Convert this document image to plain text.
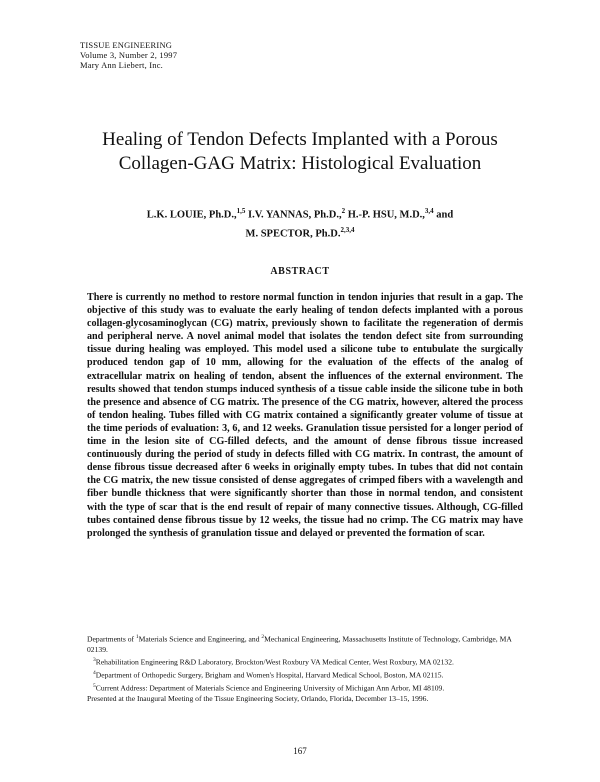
TISSUE ENGINEERING
Volume 3, Number 2, 1997
Mary Ann Liebert, Inc.
Healing of Tendon Defects Implanted with a Porous
Collagen-GAG Matrix: Histological Evaluation
L.K. LOUIE, Ph.D.,$^{1,5}$ I.V. YANNAS, Ph.D.,$^2$ H.-P. HSU, M.D.,$^{3,4}$ and
M. SPECTOR, Ph.D.$^{2,3,4}$
ABSTRACT
There is currently no method to restore normal function in tendon injuries that result in a gap. The objective of this study was to evaluate the early healing of tendon defects implanted with a porous collagen-glycosaminoglycan (CG) matrix, previously shown to facilitate the regeneration of dermis and peripheral nerve. A novel animal model that isolates the tendon defect site from surrounding tissue during healing was employed. This model used a silicone tube to entubulate the surgically produced tendon gap of 10 mm, allowing for the evaluation of the effects of the analog of extracellular matrix on healing of tendon, absent the influences of the external environment. The results showed that tendon stumps induced synthesis of a tissue cable inside the silicone tube in both the presence and absence of CG matrix. The presence of the CG matrix, however, altered the process of tendon healing. Tubes filled with CG matrix contained a significantly greater volume of tissue at the time periods of evaluation: 3, 6, and 12 weeks. Granulation tissue persisted for a longer period of time in the lesion site of CG-filled defects, and the amount of dense fibrous tissue increased continuously during the period of study in defects filled with CG matrix. In contrast, the amount of dense fibrous tissue decreased after 6 weeks in originally empty tubes. In tubes that did not contain the CG matrix, the new tissue consisted of dense aggregates of crimped fibers with a wavelength and fiber bundle thickness that were significantly shorter than those in normal tendon, and consistent with the type of scar that is the end result of repair of many connective tissues. Although, CG-filled tubes contained dense fibrous tissue by 12 weeks, the tissue had no crimp. The CG matrix may have prolonged the synthesis of granulation tissue and delayed or prevented the formation of scar.
Departments of $^1$Materials Science and Engineering, and $^2$Mechanical Engineering, Massachusetts Institute of Technology, Cambridge, MA 02139.
$^3$Rehabilitation Engineering R&D Laboratory, Brockton/West Roxbury VA Medical Center, West Roxbury, MA 02132.
$^4$Department of Orthopedic Surgery, Brigham and Women's Hospital, Harvard Medical School, Boston, MA 02115.
$^5$Current Address: Department of Materials Science and Engineering University of Michigan Ann Arbor, MI 48109.
Presented at the Inaugural Meeting of the Tissue Engineering Society, Orlando, Florida, December 13–15, 1996.
167
